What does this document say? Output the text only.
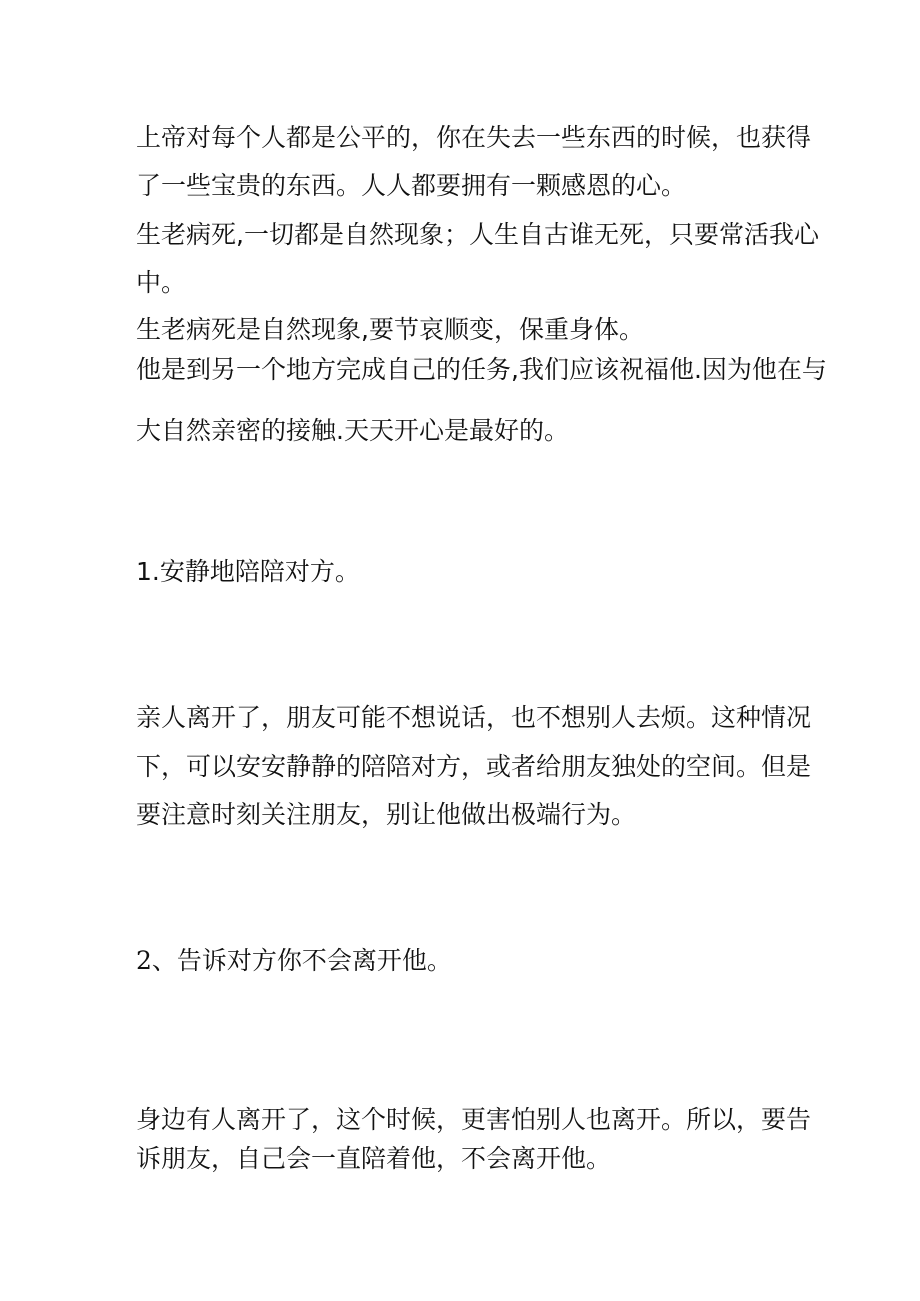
上帝对每个人都是公平的，你在失去一些东西的时候，也获得
了一些宝贵的东西。人人都要拥有一颗感恩的心。
生老病死,一切都是自然现象；人生自古谁无死，只要常活我心
中。
生老病死是自然现象,要节哀顺变，保重身体。
他是到另一个地方完成自己的任务,我们应该祝福他.因为他在与
大自然亲密的接触.天天开心是最好的。
1.安静地陪陪对方。
亲人离开了，朋友可能不想说话，也不想别人去烦。这种情况
下，可以安安静静的陪陪对方，或者给朋友独处的空间。但是
要注意时刻关注朋友，别让他做出极端行为。
2、告诉对方你不会离开他。
身边有人离开了，这个时候，更害怕别人也离开。所以，要告
诉朋友，自己会一直陪着他，不会离开他。
